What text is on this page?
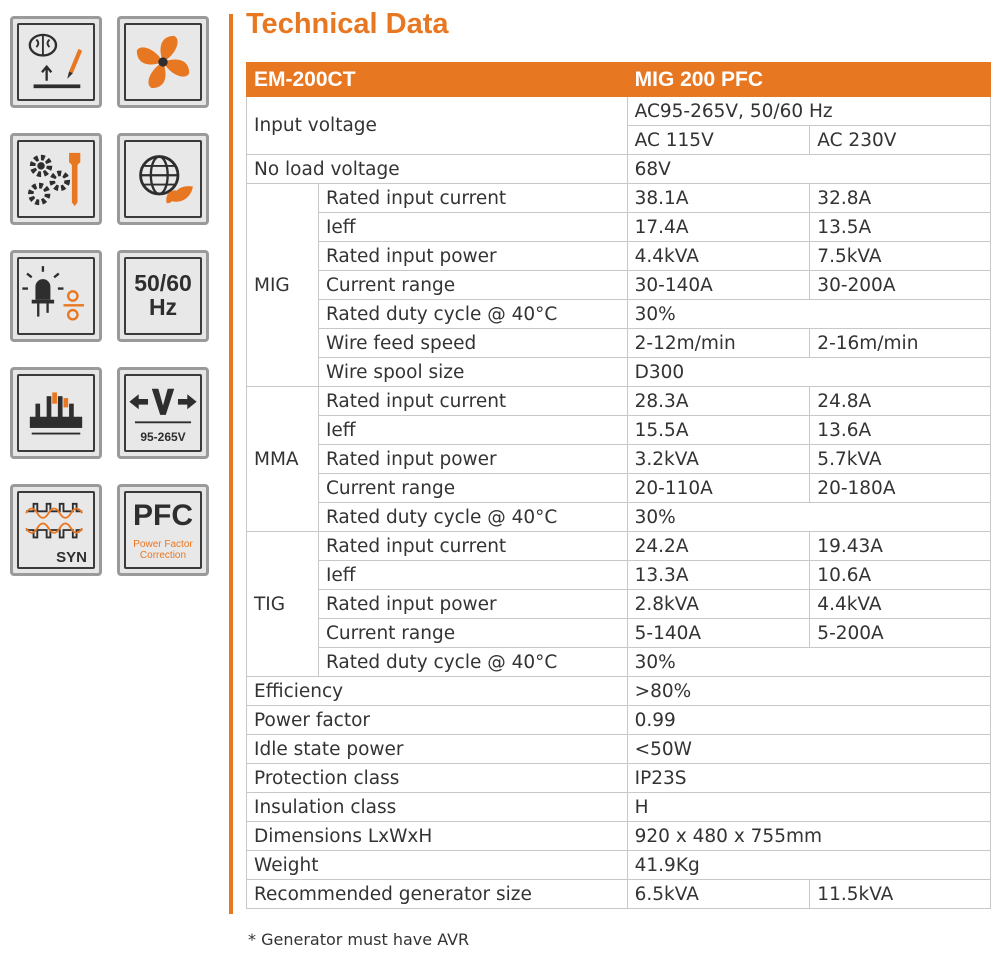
50/60
Hz
95-265V
SYN
PFC
Power Factor
Correction
Technical Data
EM-200CT		MIG 200 PFC	
Input voltage		AC95-265V, 50/60 Hz	
		AC 115V	AC 230V
No load voltage		68V	
MIG	Rated input current	38.1A	32.8A
	Ieff	17.4A	13.5A
	Rated input power	4.4kVA	7.5kVA
	Current range	30-140A	30-200A
	Rated duty cycle @ 40°C	30%	
	Wire feed speed	2-12m/min	2-16m/min
	Wire spool size	D300	
MMA	Rated input current	28.3A	24.8A
	Ieff	15.5A	13.6A
	Rated input power	3.2kVA	5.7kVA
	Current range	20-110A	20-180A
	Rated duty cycle @ 40°C	30%	
TIG	Rated input current	24.2A	19.43A
	Ieff	13.3A	10.6A
	Rated input power	2.8kVA	4.4kVA
	Current range	5-140A	5-200A
	Rated duty cycle @ 40°C	30%	
Efficiency		>80%	
Power factor		0.99	
Idle state power		<50W	
Protection class		IP23S	
Insulation class		H	
Dimensions LxWxH		920 x 480 x 755mm	
Weight		41.9Kg	
Recommended generator size		6.5kVA	11.5kVA
* Generator must have AVR
